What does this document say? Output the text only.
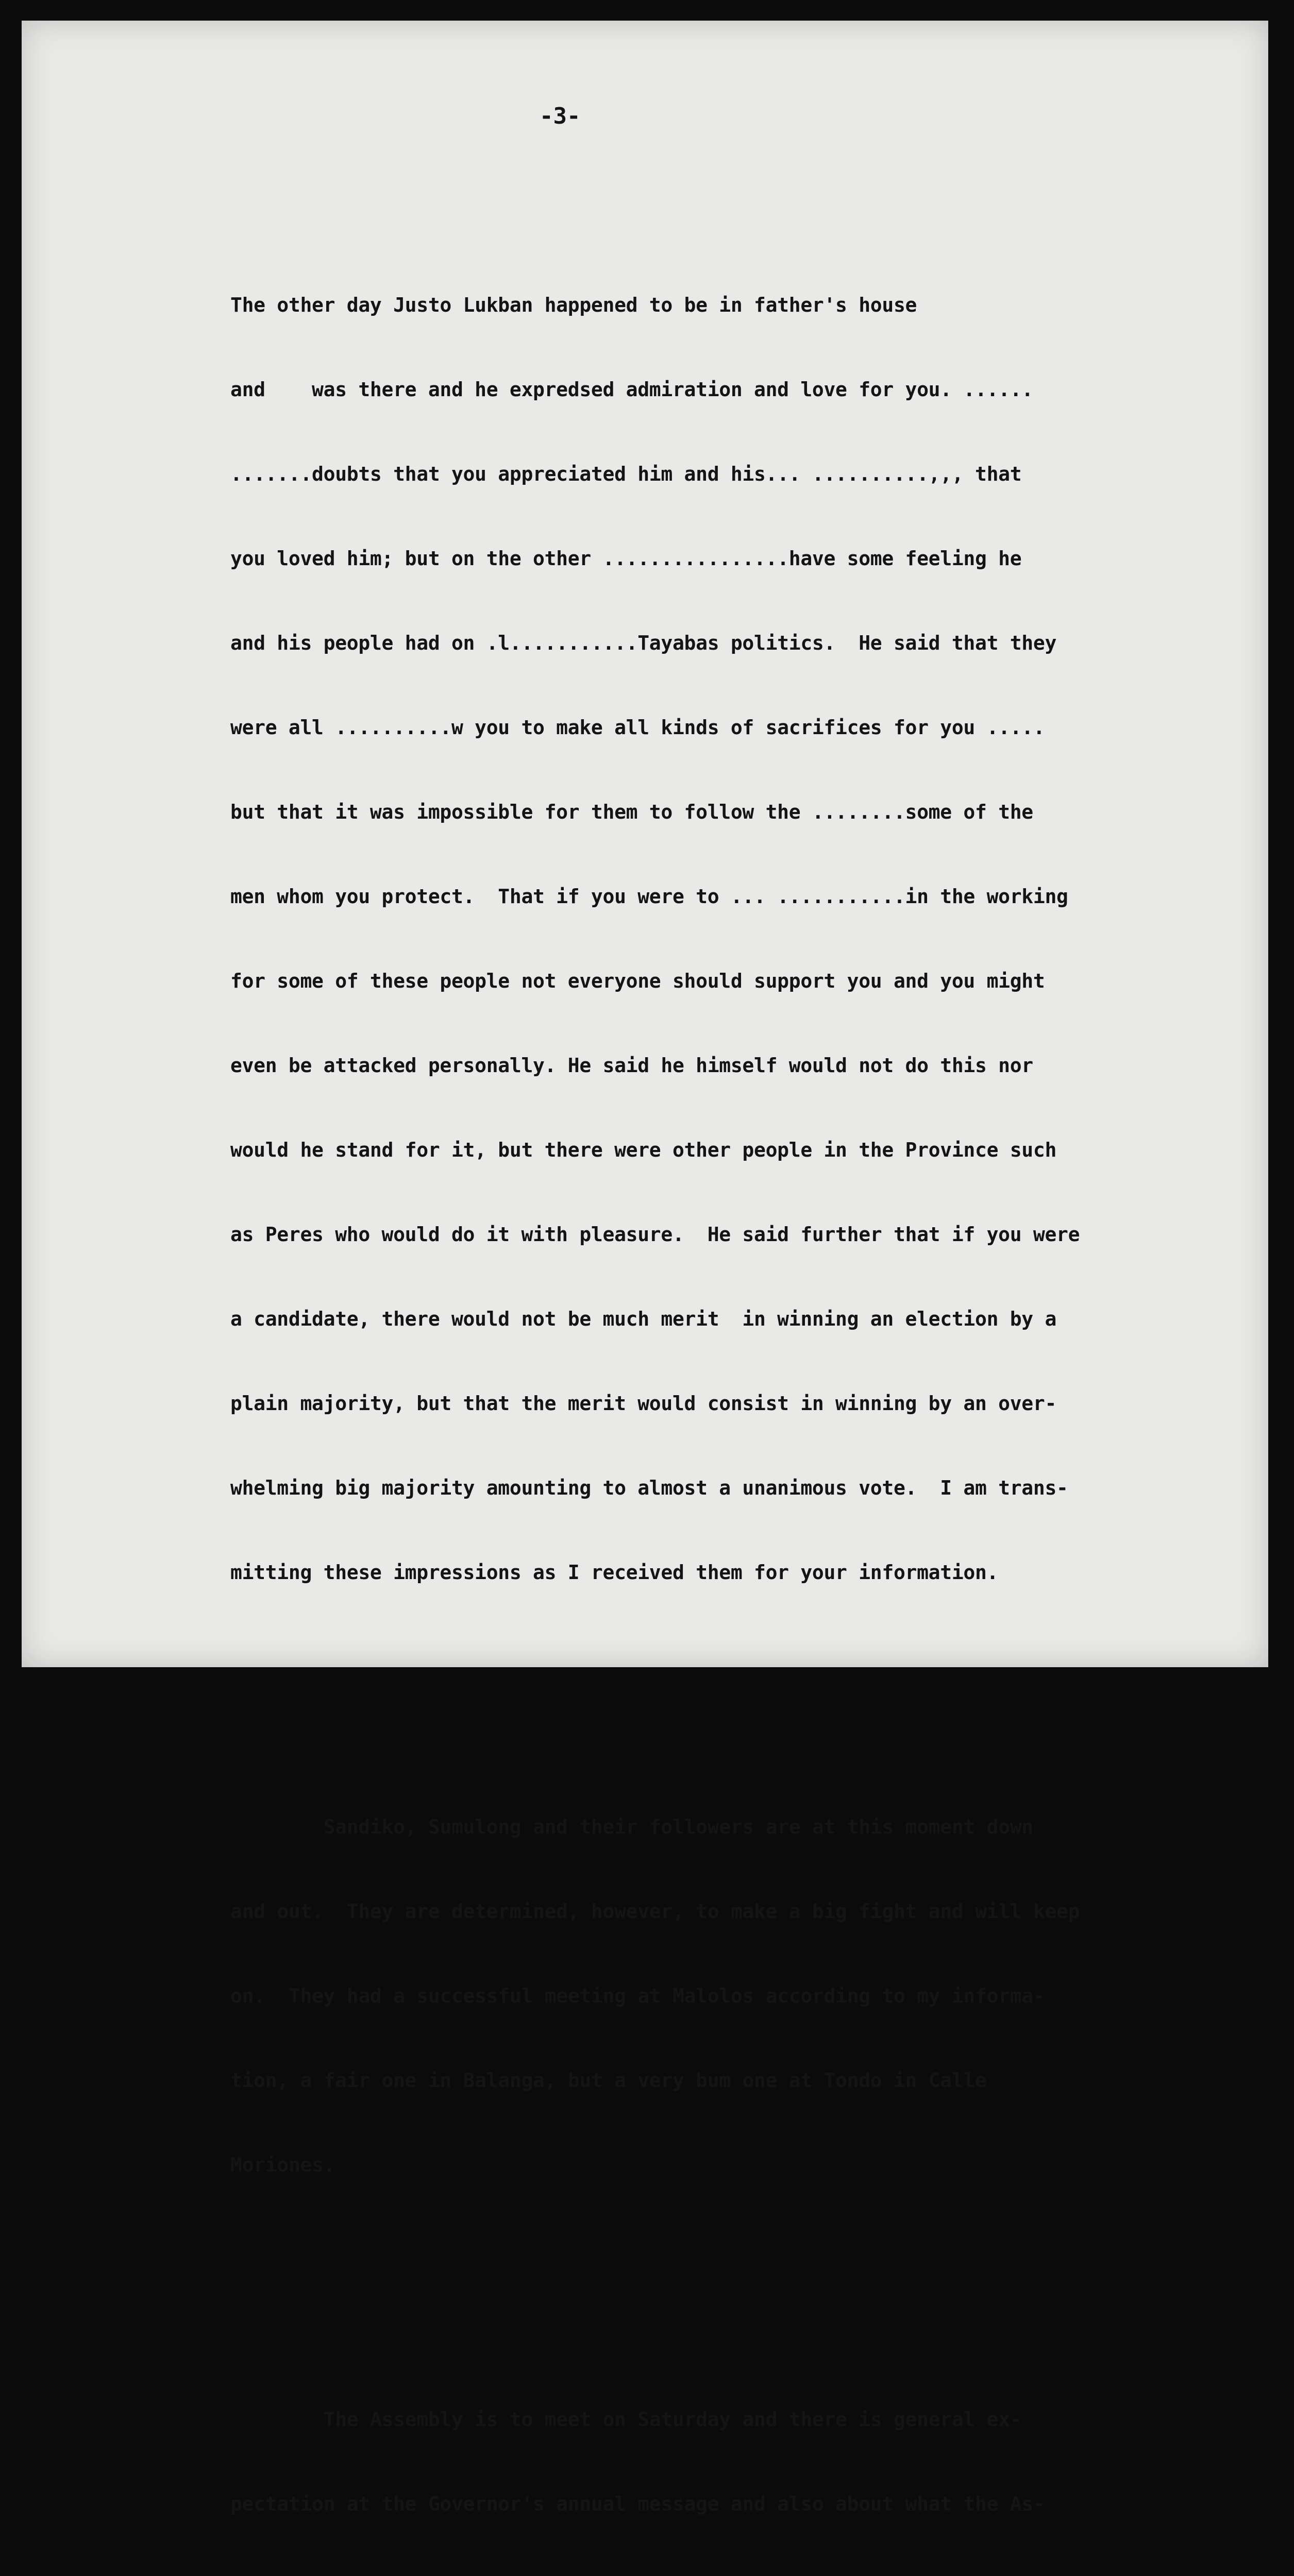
-3-

The other day Justo Lukban happened to be in father's house

and    was there and he expredsed admiration and love for you. ......

.......doubts that you appreciated him and his... ..........,,, that

you loved him; but on the other ................have some feeling he

and his people had on .l...........Tayabas politics.  He said that they

were all ..........w you to make all kinds of sacrifices for you .....

but that it was impossible for them to follow the ........some of the

men whom you protect.  That if you were to ... ...........in the working

for some of these people not everyone should support you and you might

even be attacked personally. He said he himself would not do this nor

would he stand for it, but there were other people in the Province such

as Peres who would do it with pleasure.  He said further that if you were

a candidate, there would not be much merit  in winning an election by a

plain majority, but that the merit would consist in winning by an over-

whelming big majority amounting to almost a unanimous vote.  I am trans-

mitting these impressions as I received them for your information.

Sandiko, Sumulong and their followers are at this moment down

and out.  They are determined, however, to make a big fight and will keep

on.  They had a successful meeting at Malolos according to my informa-

tion, a fair one in Balanga, but a very bum one at Tondo in Calle

Moriones.

The Assembly is to meet on Saturday and there is general ex-

pectation at the Governor's annual message and also about what the As-
